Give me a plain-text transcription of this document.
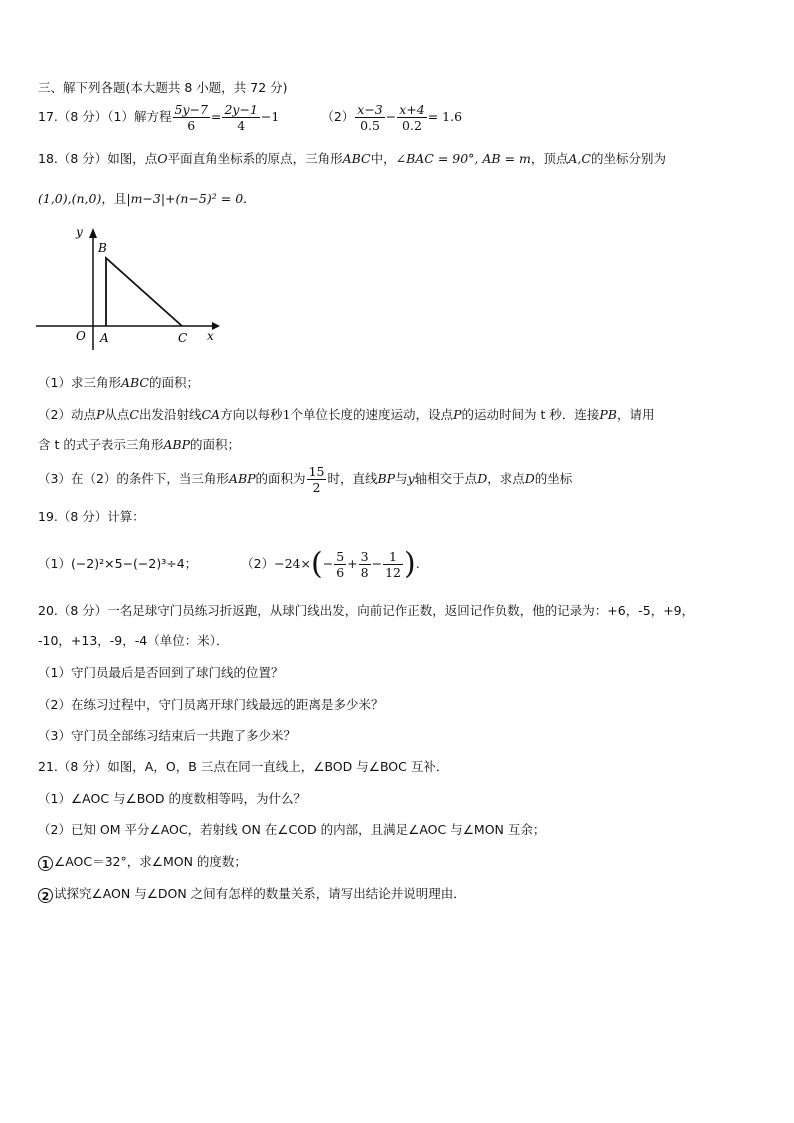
三、解下列各题(本大题共 8 小题，共 72 分)
17.（8 分）（1）解方程 $\frac{5y-7}{6} = \frac{2y-1}{4} -1$	$(2) \frac{x-3}{0.5} - \frac{x+4}{0.2} = 1.6$
18.（8 分）如图，点O平面直角坐标系的原点，三角形ABC中，∠BAC = 90°, AB = m，顶点A,C的坐标分别为
(1,0),(n,0)，且|m−3|+(n−5)² = 0．
y
x
O A
B
C
（1）求三角形ABC的面积；
（2）动点P从点C出发沿射线CA方向以每秒1个单位长度的速度运动，设点P的运动时间为 t 秒．连接PB，请用
含 t 的式子表示三角形ABP的面积；
（3）在（2）的条件下，当三角形ABP的面积为 $\frac{15}{2}$ 时，直线BP与y轴相交于点D，求点D的坐标
19.（8 分）计算：
（1）(−2)²×5−(−2)³÷4；	$(2)-24\times(- \frac{5}{6} + \frac{3}{8} - \frac{1}{12}$ ).
20.（8 分）一名足球守门员练习折返跑，从球门线出发，向前记作正数，返回记作负数，他的记录为：+6，-5，+9，
-10，+13，-9，-4（单位：米）．
（1）守门员最后是否回到了球门线的位置？
（2）在练习过程中，守门员离开球门线最远的距离是多少米？
（3）守门员全部练习结束后一共跑了多少米？
21.（8 分）如图，A，O，B 三点在同一直线上，∠BOD 与∠BOC 互补．
（1）∠AOC 与∠BOD 的度数相等吗，为什么？
（2）已知 OM 平分∠AOC，若射线 ON 在∠COD 的内部，且满足∠AOC 与∠MON 互余；
1 ∠AOC＝32°，求∠MON 的度数；
2 试探究∠AON 与∠DON 之间有怎样的数量关系，请写出结论并说明理由．
